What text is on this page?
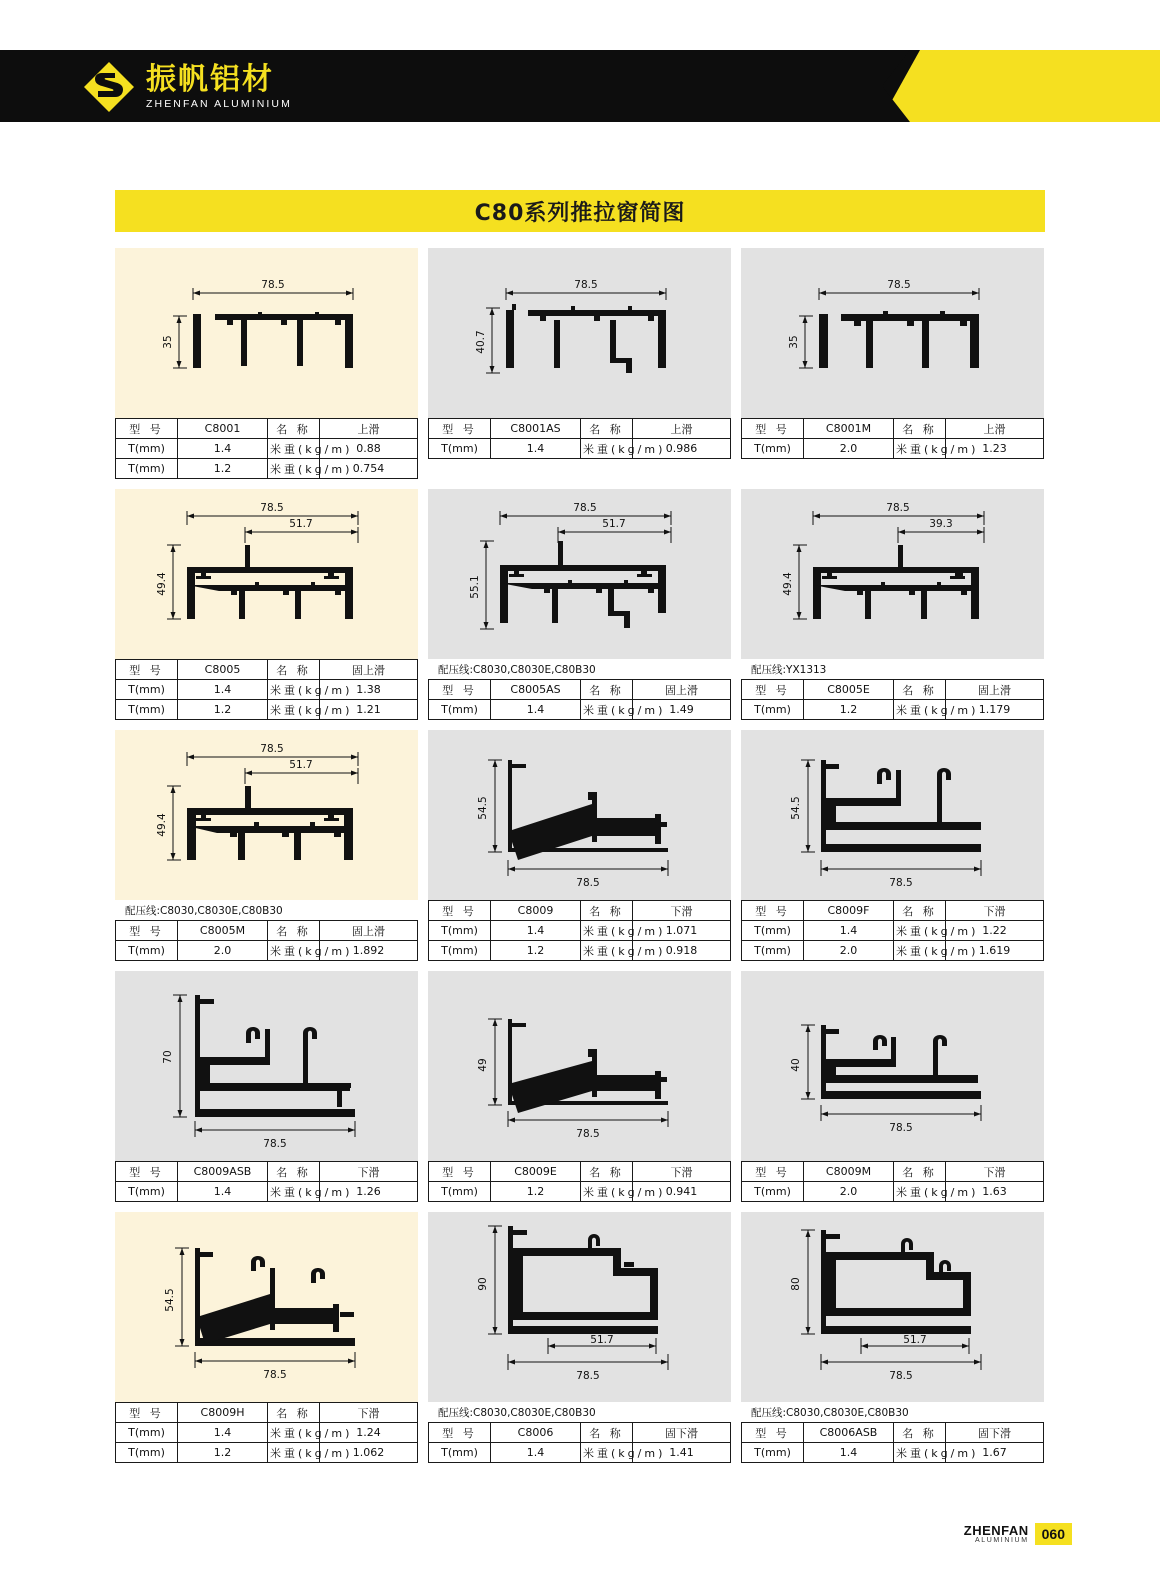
振帆铝材
ZHENFAN ALUMINIUM
C80系列推拉窗简图
78.5
35
型 号	C8001	名 称	上滑
T(mm)	1.4	米重(kg/m)	0.88
T(mm)	1.2	米重(kg/m)	0.754
78.5
40.7
型 号	C8001AS	名 称	上滑
T(mm)	1.4	米重(kg/m)	0.986
78.5
35
型 号	C8001M	名 称	上滑
T(mm)	2.0	米重(kg/m)	1.23
78.5
51.7
49.4
型 号	C8005	名 称	固上滑
T(mm)	1.4	米重(kg/m)	1.38
T(mm)	1.2	米重(kg/m)	1.21
78.5
51.7
55.1
配压线:C8030,C8030E,C80B30
型 号	C8005AS	名 称	固上滑
T(mm)	1.4	米重(kg/m)	1.49
78.5
39.3
49.4
配压线:YX1313
型 号	C8005E	名 称	固上滑
T(mm)	1.2	米重(kg/m)	1.179
78.5
51.7
49.4
配压线:C8030,C8030E,C80B30
型 号	C8005M	名 称	固上滑
T(mm)	2.0	米重(kg/m)	1.892
54.5
78.5
型 号	C8009	名 称	下滑
T(mm)	1.4	米重(kg/m)	1.071
T(mm)	1.2	米重(kg/m)	0.918
54.5
78.5
型 号	C8009F	名 称	下滑
T(mm)	1.4	米重(kg/m)	1.22
T(mm)	2.0	米重(kg/m)	1.619
70
78.5
型 号	C8009ASB	名 称	下滑
T(mm)	1.4	米重(kg/m)	1.26
49
78.5
型 号	C8009E	名 称	下滑
T(mm)	1.2	米重(kg/m)	0.941
40
78.5
型 号	C8009M	名 称	下滑
T(mm)	2.0	米重(kg/m)	1.63
54.5
78.5
型 号	C8009H	名 称	下滑
T(mm)	1.4	米重(kg/m)	1.24
T(mm)	1.2	米重(kg/m)	1.062
90
51.7
78.5
配压线:C8030,C8030E,C80B30
型 号	C8006	名 称	固下滑
T(mm)	1.4	米重(kg/m)	1.41
80
51.7
78.5
配压线:C8030,C8030E,C80B30
型 号	C8006ASB	名 称	固下滑
T(mm)	1.4	米重(kg/m)	1.67
ZHENFAN
ALUMINIUM 060
